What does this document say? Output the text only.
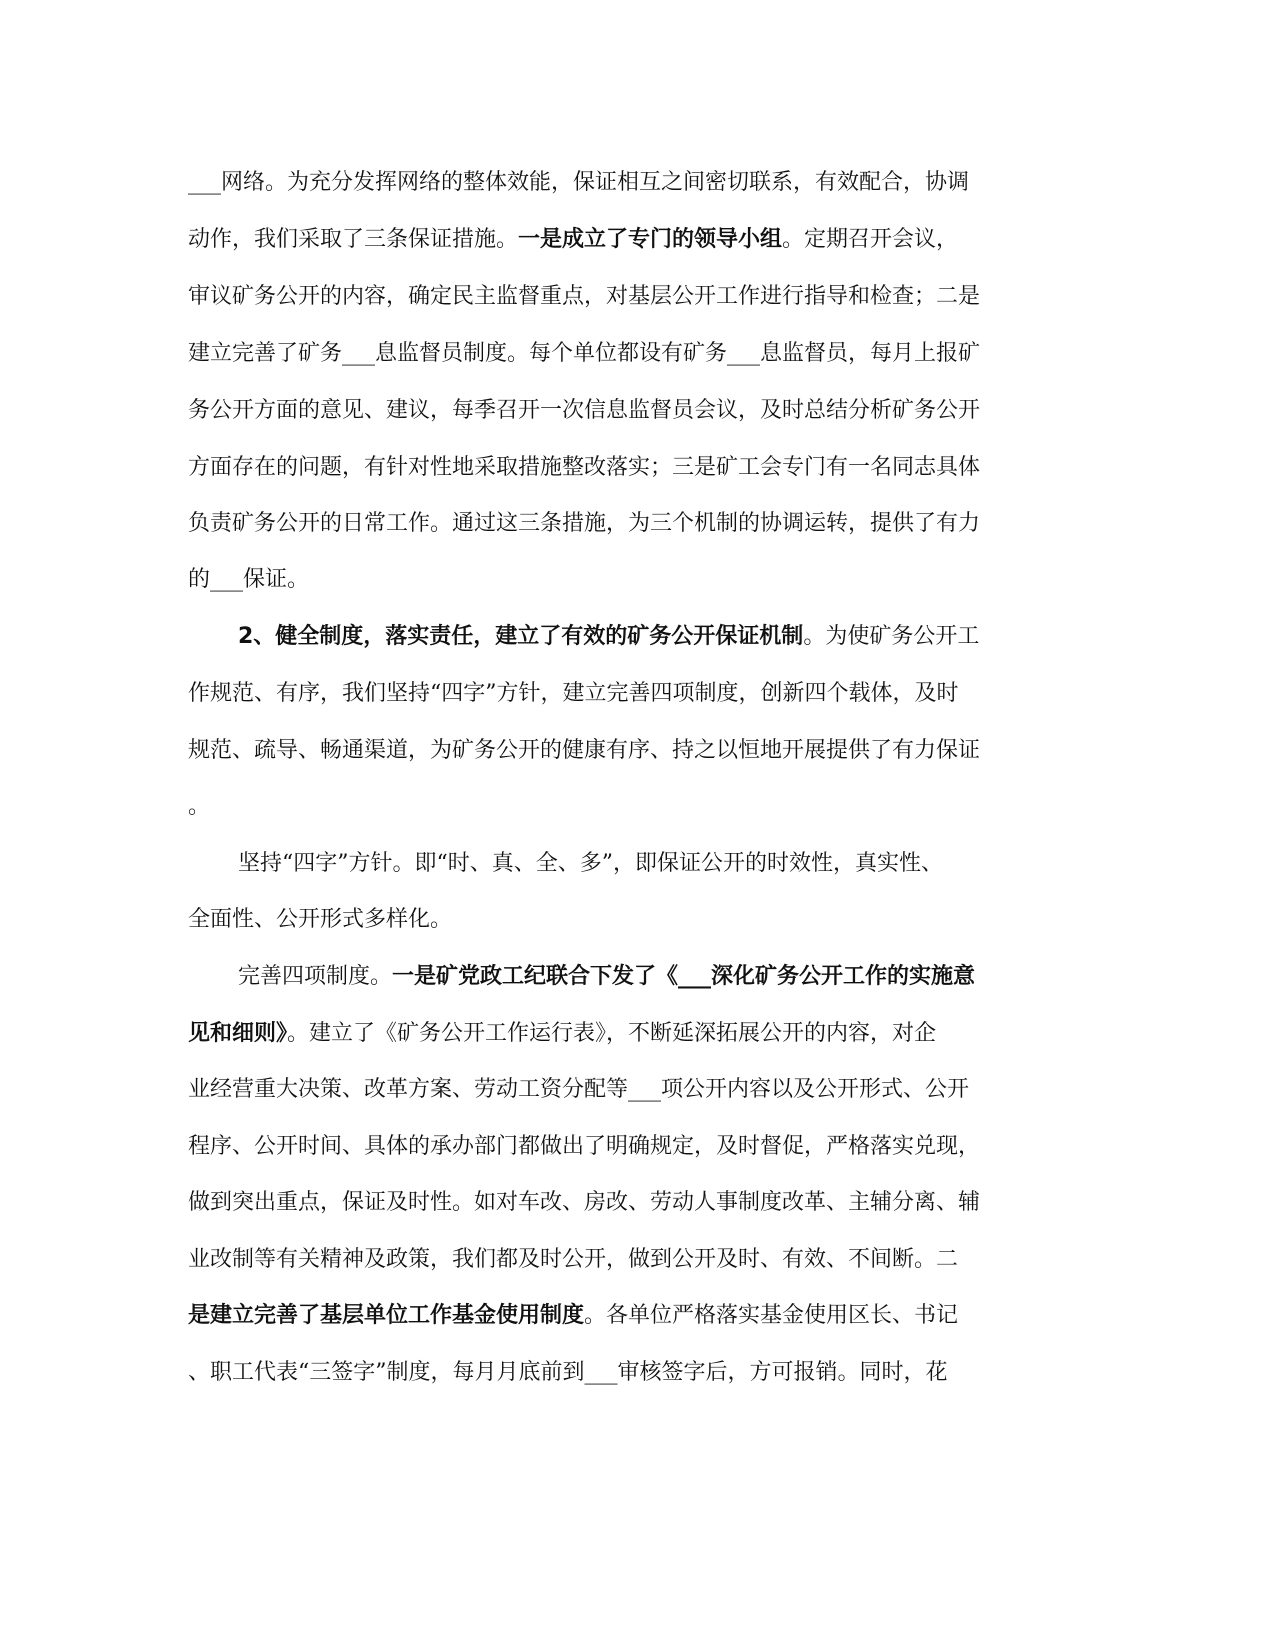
___网络。为充分发挥网络的整体效能，保证相互之间密切联系，有效配合，协调
动作，我们采取了三条保证措施。一是成立了专门的领导小组。定期召开会议，
审议矿务公开的内容，确定民主监督重点，对基层公开工作进行指导和检查；二是
建立完善了矿务___息监督员制度。每个单位都设有矿务___息监督员，每月上报矿
务公开方面的意见、建议，每季召开一次信息监督员会议，及时总结分析矿务公开
方面存在的问题，有针对性地采取措施整改落实；三是矿工会专门有一名同志具体
负责矿务公开的日常工作。通过这三条措施，为三个机制的协调运转，提供了有力
的___保证。
2、健全制度，落实责任，建立了有效的矿务公开保证机制。为使矿务公开工
作规范、有序，我们坚持“四字”方针，建立完善四项制度，创新四个载体，及时
规范、疏导、畅通渠道，为矿务公开的健康有序、持之以恒地开展提供了有力保证
。
坚持“四字”方针。即“时、真、全、多”，即保证公开的时效性，真实性、
全面性、公开形式多样化。
完善四项制度。一是矿党政工纪联合下发了《___深化矿务公开工作的实施意
见和细则》。建立了《矿务公开工作运行表》，不断延深拓展公开的内容，对企
业经营重大决策、改革方案、劳动工资分配等___项公开内容以及公开形式、公开
程序、公开时间、具体的承办部门都做出了明确规定，及时督促，严格落实兑现，
做到突出重点，保证及时性。如对车改、房改、劳动人事制度改革、主辅分离、辅
业改制等有关精神及政策，我们都及时公开，做到公开及时、有效、不间断。二
是建立完善了基层单位工作基金使用制度。各单位严格落实基金使用区长、书记
、职工代表“三签字”制度，每月月底前到___审核签字后，方可报销。同时，花
